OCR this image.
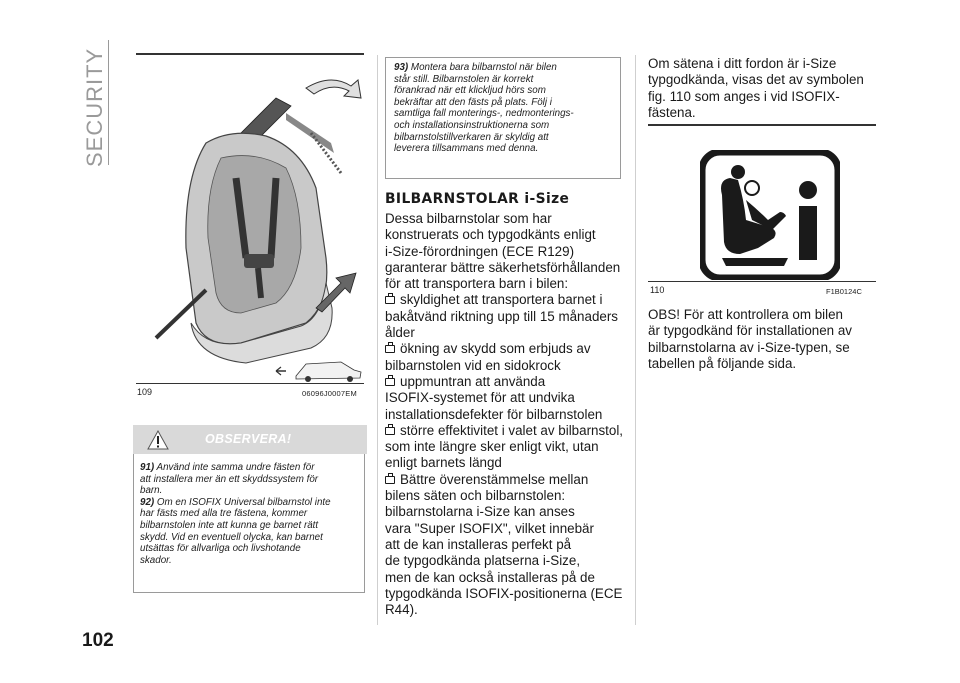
SECURITY
109	06096J0007EM
OBSERVERA!
91) Använd inte samma undre fästen för
att installera mer än ett skyddssystem för
barn.
92) Om en ISOFIX Universal bilbarnstol inte
har fästs med alla tre fästena, kommer
bilbarnstolen inte att kunna ge barnet rätt
skydd. Vid en eventuell olycka, kan barnet
utsättas för allvarliga och livshotande
skador.
93) Montera bara bilbarnstol när bilen
står still. Bilbarnstolen är korrekt
förankrad när ett klickljud hörs som
bekräftar att den fästs på plats. Följ i
samtliga fall monterings-, nedmonterings-
och installationsinstruktionerna som
bilbarnstolstillverkaren är skyldig att
leverera tillsammans med denna.
BILBARNSTOLAR i-Size
Dessa bilbarnstolar som har
konstruerats och typgodkänts enligt
i-Size-förordningen (ECE R129)
garanterar bättre säkerhetsförhållanden
för att transportera barn i bilen:
skyldighet att transportera barnet i
bakåtvänd riktning upp till 15 månaders
ålder
ökning av skydd som erbjuds av
bilbarnstolen vid en sidokrock
uppmuntran att använda
ISOFIX-systemet för att undvika
installationsdefekter för bilbarnstolen
större effektivitet i valet av bilbarnstol,
som inte längre sker enligt vikt, utan
enligt barnets längd
Bättre överenstämmelse mellan
bilens säten och bilbarnstolen:
bilbarnstolarna i-Size kan anses
vara "Super ISOFIX", vilket innebär
att de kan installeras perfekt på
de typgodkända platserna i-Size,
men de kan också installeras på de
typgodkända ISOFIX-positionerna (ECE
R44).
Om sätena i ditt fordon är i-Size
typgodkända, visas det av symbolen
fig. 110 som anges i vid ISOFIX-
fästena.
110	F1B0124C
OBS! För att kontrollera om bilen
är typgodkänd för installationen av
bilbarnstolarna av i-Size-typen, se
tabellen på följande sida.
102
